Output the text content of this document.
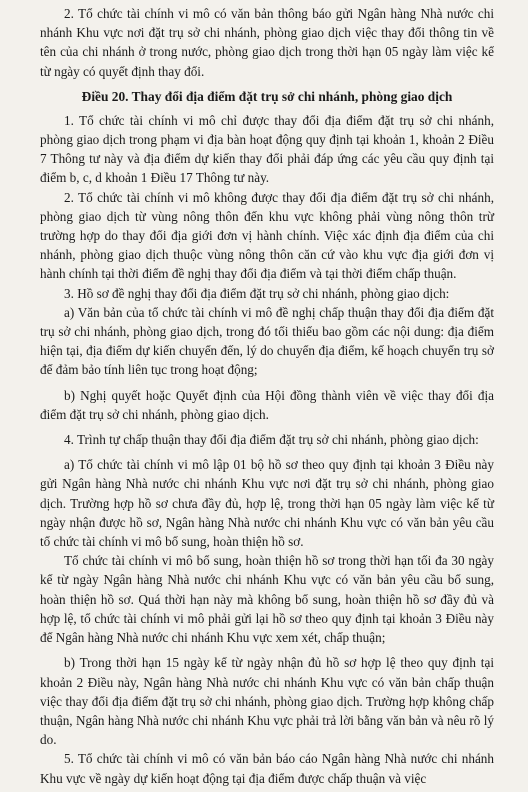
2. Tổ chức tài chính vi mô có văn bản thông báo gửi Ngân hàng Nhà nước chi nhánh Khu vực nơi đặt trụ sở chi nhánh, phòng giao dịch việc thay đổi thông tin về tên của chi nhánh ở trong nước, phòng giao dịch trong thời hạn 05 ngày làm việc kể từ ngày có quyết định thay đổi.

Điều 20. Thay đổi địa điểm đặt trụ sở chi nhánh, phòng giao dịch

1. Tổ chức tài chính vi mô chỉ được thay đổi địa điểm đặt trụ sở chi nhánh, phòng giao dịch trong phạm vi địa bàn hoạt động quy định tại khoản 1, khoản 2 Điều 7 Thông tư này và địa điểm dự kiến thay đổi phải đáp ứng các yêu cầu quy định tại điểm b, c, d khoản 1 Điều 17 Thông tư này.

2. Tổ chức tài chính vi mô không được thay đổi địa điểm đặt trụ sở chi nhánh, phòng giao dịch từ vùng nông thôn đến khu vực không phải vùng nông thôn trừ trường hợp do thay đổi địa giới đơn vị hành chính. Việc xác định địa điểm của chi nhánh, phòng giao dịch thuộc vùng nông thôn căn cứ vào khu vực địa giới đơn vị hành chính tại thời điểm đề nghị thay đổi địa điểm và tại thời điểm chấp thuận.

3. Hồ sơ đề nghị thay đổi địa điểm đặt trụ sở chi nhánh, phòng giao dịch:

a) Văn bản của tổ chức tài chính vi mô đề nghị chấp thuận thay đổi địa điểm đặt trụ sở chi nhánh, phòng giao dịch, trong đó tối thiểu bao gồm các nội dung: địa điểm hiện tại, địa điểm dự kiến chuyển đến, lý do chuyển địa điểm, kế hoạch chuyển trụ sở để đảm bảo tính liên tục trong hoạt động;

b) Nghị quyết hoặc Quyết định của Hội đồng thành viên về việc thay đổi địa điểm đặt trụ sở chi nhánh, phòng giao dịch.

4. Trình tự chấp thuận thay đổi địa điểm đặt trụ sở chi nhánh, phòng giao dịch:

a) Tổ chức tài chính vi mô lập 01 bộ hồ sơ theo quy định tại khoản 3 Điều này gửi Ngân hàng Nhà nước chi nhánh Khu vực nơi đặt trụ sở chi nhánh, phòng giao dịch. Trường hợp hồ sơ chưa đầy đủ, hợp lệ, trong thời hạn 05 ngày làm việc kể từ ngày nhận được hồ sơ, Ngân hàng Nhà nước chi nhánh Khu vực có văn bản yêu cầu tổ chức tài chính vi mô bổ sung, hoàn thiện hồ sơ.

Tổ chức tài chính vi mô bổ sung, hoàn thiện hồ sơ trong thời hạn tối đa 30 ngày kể từ ngày Ngân hàng Nhà nước chi nhánh Khu vực có văn bản yêu cầu bổ sung, hoàn thiện hồ sơ. Quá thời hạn này mà không bổ sung, hoàn thiện hồ sơ đầy đủ và hợp lệ, tổ chức tài chính vi mô phải gửi lại hồ sơ theo quy định tại khoản 3 Điều này để Ngân hàng Nhà nước chi nhánh Khu vực xem xét, chấp thuận;

b) Trong thời hạn 15 ngày kể từ ngày nhận đủ hồ sơ hợp lệ theo quy định tại khoản 2 Điều này, Ngân hàng Nhà nước chi nhánh Khu vực có văn bản chấp thuận việc thay đổi địa điểm đặt trụ sở chi nhánh, phòng giao dịch. Trường hợp không chấp thuận, Ngân hàng Nhà nước chi nhánh Khu vực phải trả lời bằng văn bản và nêu rõ lý do.

5. Tổ chức tài chính vi mô có văn bản báo cáo Ngân hàng Nhà nước chi nhánh Khu vực về ngày dự kiến hoạt động tại địa điểm được chấp thuận và việc
